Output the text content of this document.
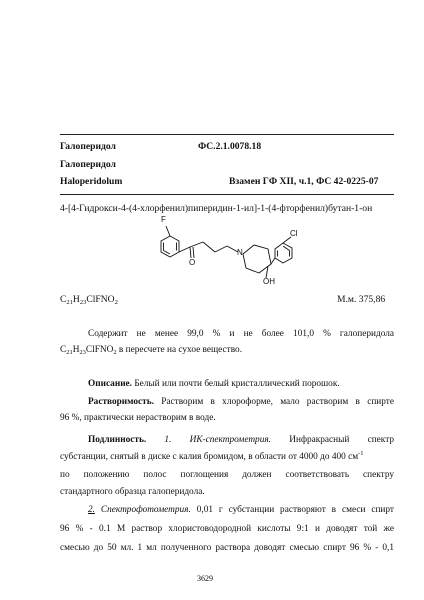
Галоперидол	ФС.2.1.0078.18
Галоперидол
Haloperidolum	Взамен ГФ XII, ч.1, ФС 42-0225-07
4-[4-Гидрокси-4-(4-хлорфенил)пиперидин-1-ил]-1-(4-фторфенил)бутан-1-он
F
O
N
Cl
OH
$C_{21}H_{23}ClFNO_2$	М.м. 375,86
Содержит не менее 99,0 % и не более 101,0 % галоперидола
$C_{21}H_{23}ClFNO_2$ в пересчете на сухое вещество.
Описание. Белый или почти белый кристаллический порошок.
Растворимость. Растворим в хлороформе, мало растворим в спирте
96 %, практически нерастворим в воде.
Подлинность. 1. ИК-спектрометрия. Инфракрасный спектр
субстанции, снятый в диске с калия бромидом, в области от 4000 до 400 $см^{-1}$
по положению полос поглощения должен соответствовать спектру
стандартного образца галоперидола.
2. Спектрофотометрия. 0,01 г субстанции растворяют в смеси спирт
96 % - 0.1 М раствор хлористоводородной кислоты 9:1 и доводят той же
смесью до 50 мл. 1 мл полученного раствора доводят смесью спирт 96 % - 0,1
3629
